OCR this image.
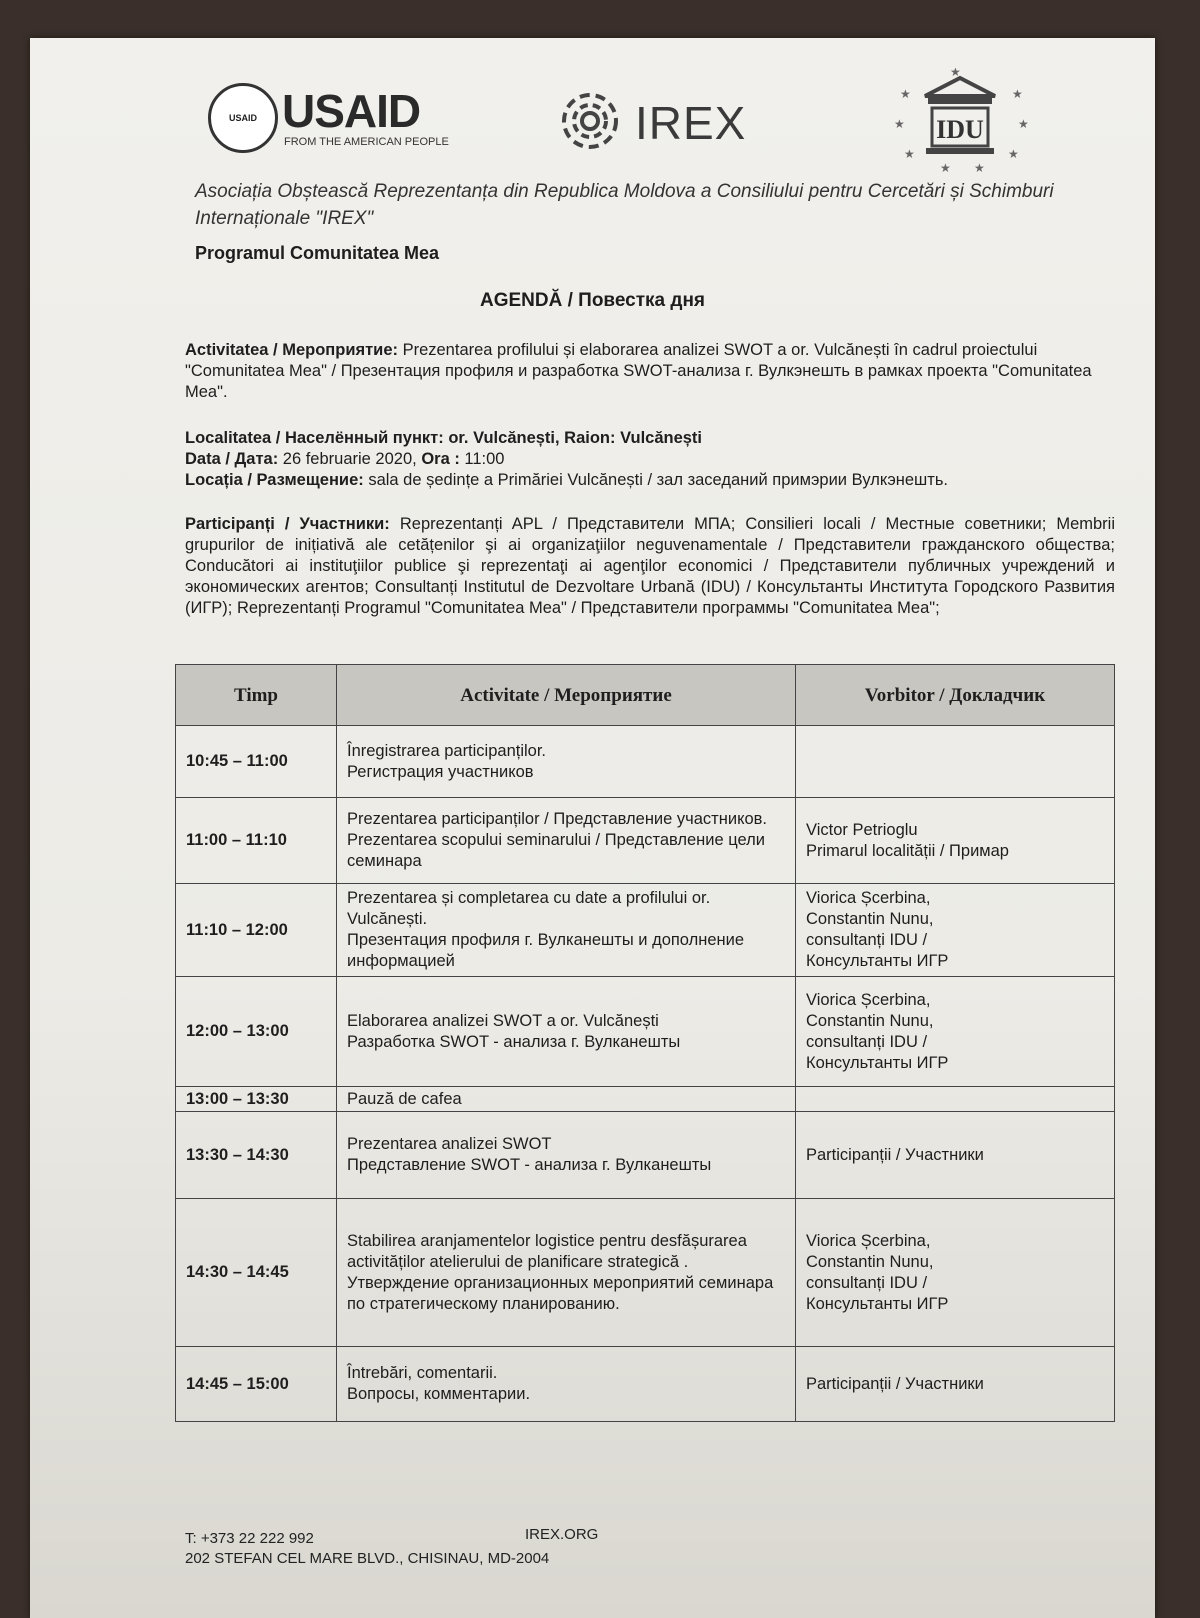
USAID USAID
FROM THE AMERICAN PEOPLE	IREX	IDU
★	★
★	★
★	★
★ ★
★
Asociația Obștească Reprezentanța din Republica Moldova a Consiliului pentru Cercetări și Schimburi Internaționale "IREX"
Programul Comunitatea Mea
AGENDĂ / Повестка дня
Activitatea / Мероприятие: Prezentarea profilului și elaborarea analizei SWOT a or. Vulcănești în cadrul proiectului "Comunitatea Mea" / Презентация профиля и разработка SWOT-анализа г. Вулкэнешть в рамках проекта "Comunitatea Mea".
Localitatea / Населённый пункт: or. Vulcănești, Raion: Vulcănești
Data / Дата: 26 februarie 2020, Ora : 11:00
Locația / Размещение: sala de ședințe a Primăriei Vulcănești / зал заседаний примэрии Вулкэнешть.
Participanți / Участники: Reprezentanți APL / Представители МПА; Consilieri locali / Местные советники; Membrii grupurilor de inițiativă ale cetățenilor şi ai organizaţiilor neguvenamentale / Представители гражданского общества; Conducători ai instituţiilor publice şi reprezentaţi ai agenţilor economici / Представители публичных учреждений и экономических агентов; Consultanți Institutul de Dezvoltare Urbană (IDU) / Консультанты Института Городского Развития (ИГР); Reprezentanți Programul "Comunitatea Mea" / Представители программы "Comunitatea Mea";
Timp	Activitate / Мероприятие	Vorbitor / Докладчик
10:45 – 11:00	Înregistrarea participanților.
Регистрация участников	
11:00 – 11:10	Prezentarea participanților / Представление участников.
Prezentarea scopului seminarului / Представление цели семинара	Victor Petrioglu
Primarul localității / Примар
11:10 – 12:00	Prezentarea și completarea cu date a profilului or. Vulcănești.
Презентация профиля г. Вулканешты и дополнение информацией	Viorica Șcerbina,
Constantin Nunu,
consultanți IDU /
Консультанты ИГР
12:00 – 13:00	Elaborarea analizei SWOT a or. Vulcănești
Разработка SWOT - анализа г. Вулканешты	Viorica Șcerbina,
Constantin Nunu,
consultanți IDU /
Консультанты ИГР
13:00 – 13:30	Pauză de cafea	
13:30 – 14:30	Prezentarea analizei SWOT
Представление SWOT - анализа г. Вулканешты	Participanții / Участники
14:30 – 14:45	Stabilirea aranjamentelor logistice pentru desfășurarea activităților atelierului de planificare strategică .
Утверждение организационных мероприятий семинара по стратегическому планированию.	Viorica Șcerbina,
Constantin Nunu,
consultanți IDU /
Консультанты ИГР
14:45 – 15:00	Întrebări, comentarii.
Вопросы, комментарии.	Participanții / Участники
T: +373 22 222 992	IREX.ORG
202 STEFAN CEL MARE BLVD., CHISINAU, MD-2004
